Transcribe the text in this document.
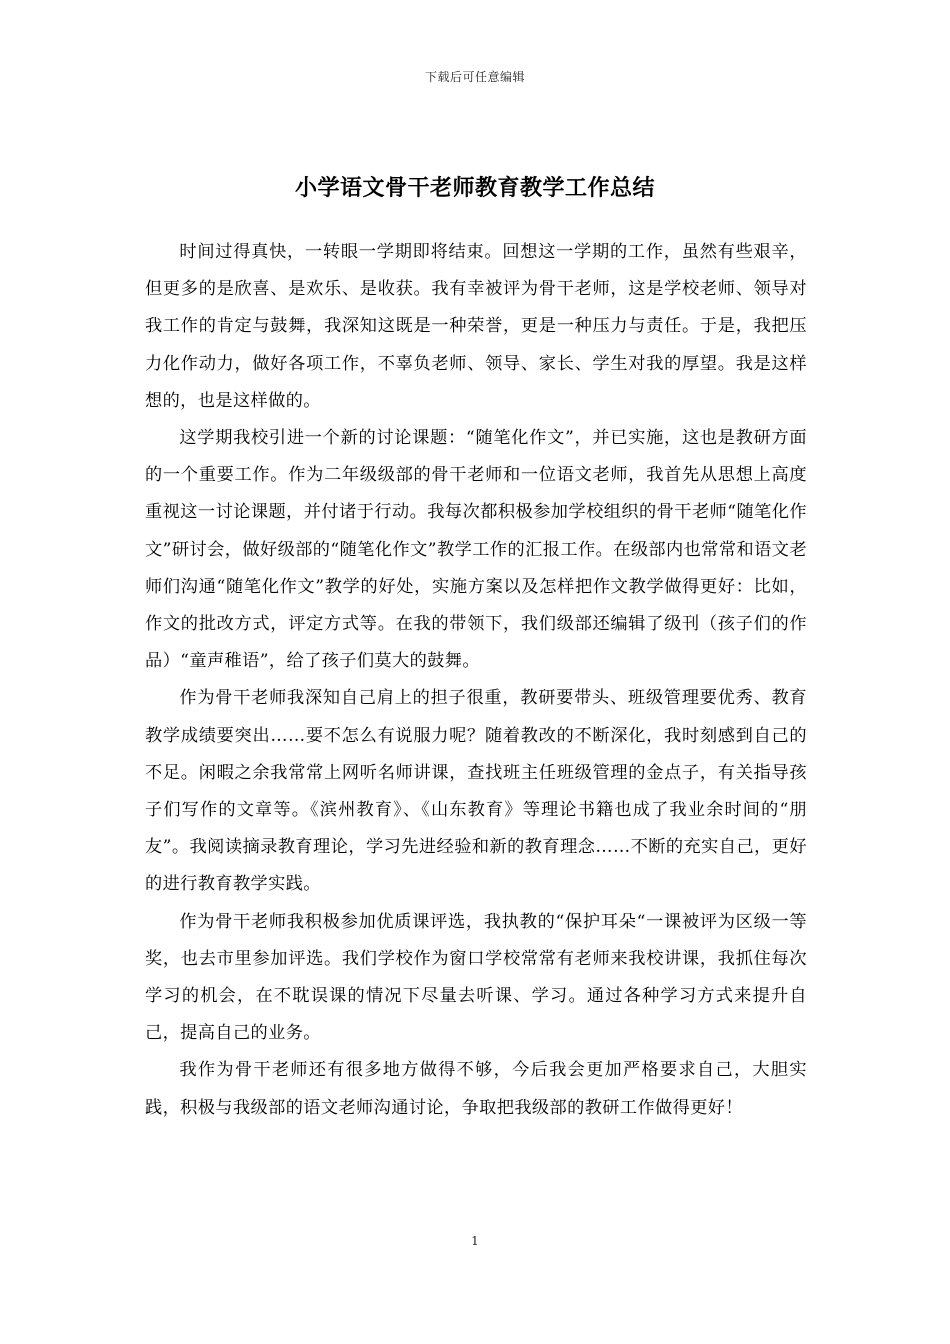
下载后可任意编辑
小学语文骨干老师教育教学工作总结

时间过得真快，一转眼一学期即将结束。回想这一学期的工作，虽然有些艰辛，但更多的是欣喜、是欢乐、是收获。我有幸被评为骨干老师，这是学校老师、领导对我工作的肯定与鼓舞，我深知这既是一种荣誉，更是一种压力与责任。于是，我把压力化作动力，做好各项工作，不辜负老师、领导、家长、学生对我的厚望。我是这样想的，也是这样做的。

这学期我校引进一个新的讨论课题：“随笔化作文”，并已实施，这也是教研方面的一个重要工作。作为二年级级部的骨干老师和一位语文老师，我首先从思想上高度重视这一讨论课题，并付诸于行动。我每次都积极参加学校组织的骨干老师“随笔化作文”研讨会，做好级部的“随笔化作文”教学工作的汇报工作。在级部内也常常和语文老师们沟通“随笔化作文”教学的好处，实施方案以及怎样把作文教学做得更好：比如，作文的批改方式，评定方式等。在我的带领下，我们级部还编辑了级刊（孩子们的作品）“童声稚语”，给了孩子们莫大的鼓舞。

作为骨干老师我深知自己肩上的担子很重，教研要带头、班级管理要优秀、教育教学成绩要突出……要不怎么有说服力呢？随着教改的不断深化，我时刻感到自己的不足。闲暇之余我常常上网听名师讲课，查找班主任班级管理的金点子，有关指导孩子们写作的文章等。《滨州教育》、《山东教育》等理论书籍也成了我业余时间的“朋友”。我阅读摘录教育理论，学习先进经验和新的教育理念……不断的充实自己，更好的进行教育教学实践。

作为骨干老师我积极参加优质课评选，我执教的“保护耳朵“一课被评为区级一等奖，也去市里参加评选。我们学校作为窗口学校常常有老师来我校讲课，我抓住每次学习的机会，在不耽误课的情况下尽量去听课、学习。通过各种学习方式来提升自己，提高自己的业务。

我作为骨干老师还有很多地方做得不够，今后我会更加严格要求自己，大胆实践，积极与我级部的语文老师沟通讨论，争取把我级部的教研工作做得更好！

1
